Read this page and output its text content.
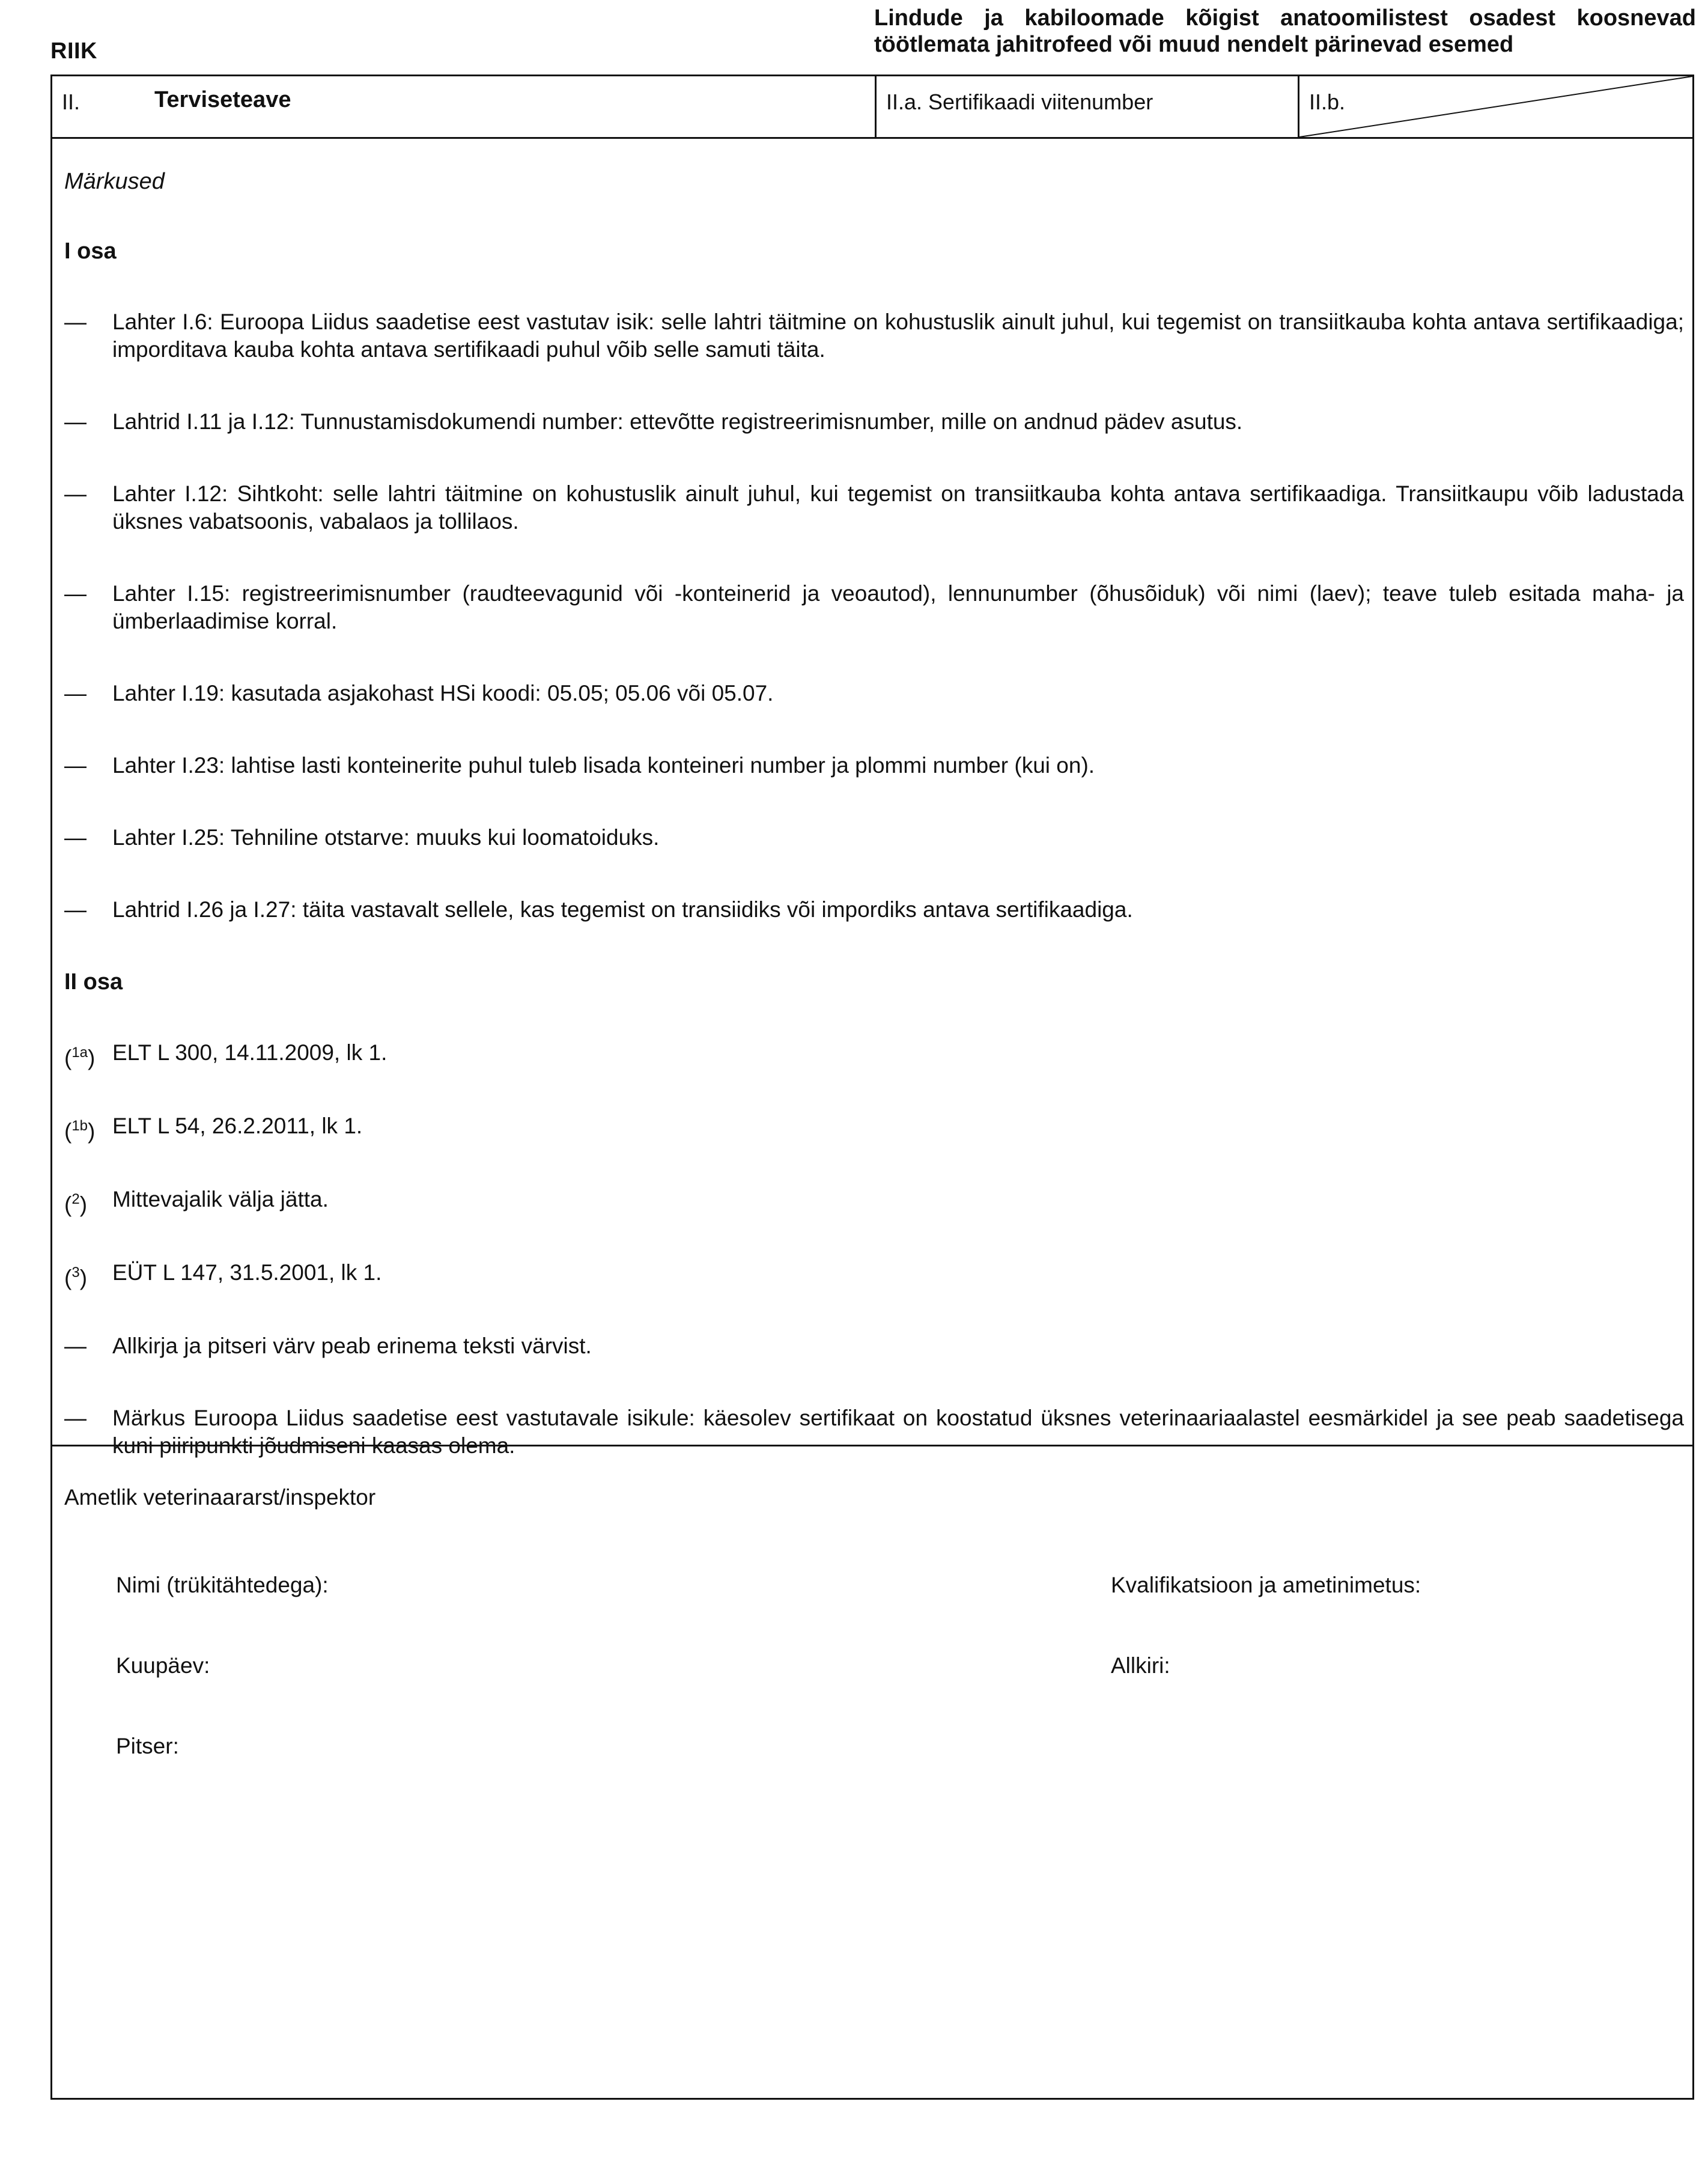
RIIK
Lindude ja kabiloomade kõigist anatoomilistest osadest koosnevad töötlemata jahitrofeed või muud nendelt pärinevad esemed
II.	Terviseteave	II.a. Sertifikaadi viitenumber	II.b.
Märkused
I osa
—	Lahter I.6: Euroopa Liidus saadetise eest vastutav isik: selle lahtri täitmine on kohustuslik ainult juhul, kui tegemist on transiitkauba kohta antava sertifikaadiga; imporditava kauba kohta antava sertifikaadi puhul võib selle samuti täita.
—	Lahtrid I.11 ja I.12: Tunnustamisdokumendi number: ettevõtte registreerimisnumber, mille on andnud pädev asutus.
—	Lahter I.12: Sihtkoht: selle lahtri täitmine on kohustuslik ainult juhul, kui tegemist on transiitkauba kohta antava sertifikaadiga. Transiitkaupu võib ladustada üksnes vabatsoonis, vabalaos ja tollilaos.
—	Lahter I.15: registreerimisnumber (raudteevagunid või -konteinerid ja veoautod), lennunumber (õhusõiduk) või nimi (laev); teave tuleb esitada maha- ja ümberlaadimise korral.
—	Lahter I.19: kasutada asjakohast HSi koodi: 05.05; 05.06 või 05.07.
—	Lahter I.23: lahtise lasti konteinerite puhul tuleb lisada konteineri number ja plommi number (kui on).
—	Lahter I.25: Tehniline otstarve: muuks kui loomatoiduks.
—	Lahtrid I.26 ja I.27: täita vastavalt sellele, kas tegemist on transiidiks või impordiks antava sertifikaadiga.
II osa
($^{1a}$) ELT L 300, 14.11.2009, lk 1.
($^{1b}$) ELT L 54, 26.2.2011, lk 1.
($^2$) Mittevajalik välja jätta.
($^3$) EÜT L 147, 31.5.2001, lk 1.
—	Allkirja ja pitseri värv peab erinema teksti värvist.
—	Märkus Euroopa Liidus saadetise eest vastutavale isikule: käesolev sertifikaat on koostatud üksnes veterinaariaalastel eesmärkidel ja see peab saadetisega kuni piiripunkti jõudmiseni kaasas olema.
Ametlik veterinaararst/inspektor
Nimi (trükitähtedega):	Kvalifikatsioon ja ametinimetus:
Kuupäev:	Allkiri:
Pitser:
